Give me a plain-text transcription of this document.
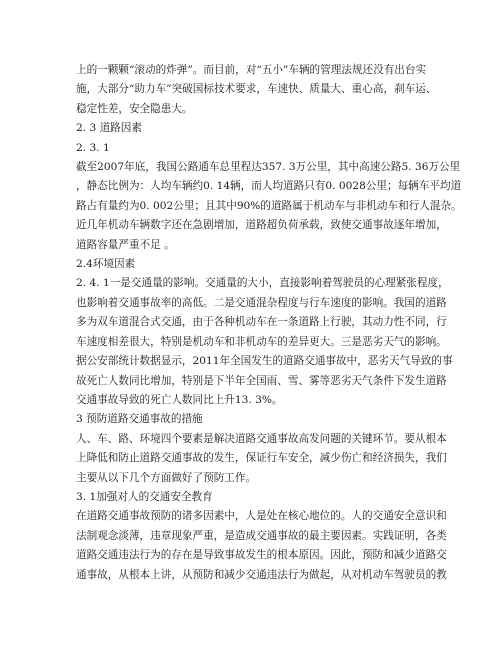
上的一颗颗“滚动的炸弹”。而目前，对“五小”车辆的管理法规还没有出台实
施，大部分“助力车”突破国标技术要求，车速快、质量大、重心高，刹车运、
稳定性差，安全隐患大。
2. 3 道路因素
2. 3. 1
截至2007年底，我国公路通车总里程达357. 3万公里，其中高速公路5. 36万公里
，静态比例为：人均车辆约0. 14辆，而人均道路只有0. 0028公里；每辆车平均道
路占有量约为0. 002公里；且其中90%的道路属于机动车与非机动车和行人混杂。
近几年机动车辆数字还在急剧增加，道路超负荷承载，致使交通事故逐年增加，
道路容量严重不足 。
2.4环境因素
2. 4. 1一是交通量的影响。交通量的大小，直接影响着驾驶员的心理紧张程度，
也影响着交通事故率的高低。二是交通混杂程度与行车速度的影响。我国的道路
多为双车道混合式交通，由于各种机动车在一条道路上行驶，其动力性不同，行
车速度相差很大，特别是机动车和非机动车的差异更大。三是恶劣天气的影响。
据公安部统计数据显示，2011年全国发生的道路交通事故中，恶劣天气导致的事
故死亡人数同比增加，特别是下半年全国雨、雪、雾等恶劣天气条件下发生道路
交通事故导致的死亡人数同比上升13. 3%。
3 预防道路交通事故的措施
人、车、路、环境四个要素是解决道路交通事故高发问题的关键环节。要从根本
上降低和防止道路交通事故的发生，保证行车安全，减少伤亡和经济损失，我们
主要从以下几个方面做好了预防工作。
3. 1加强对人的交通安全教育
在道路交通事故预防的诸多因素中，人是处在核心地位的。人的交通安全意识和
法制观念淡薄，违章现象严重，是造成交通事故的最主要因素。实践证明，各类
道路交通违法行为的存在是导致事故发生的根本原因。因此，预防和减少道路交
通事故，从根本上讲，从预防和减少交通违法行为做起，从对机动车驾驶员的教
